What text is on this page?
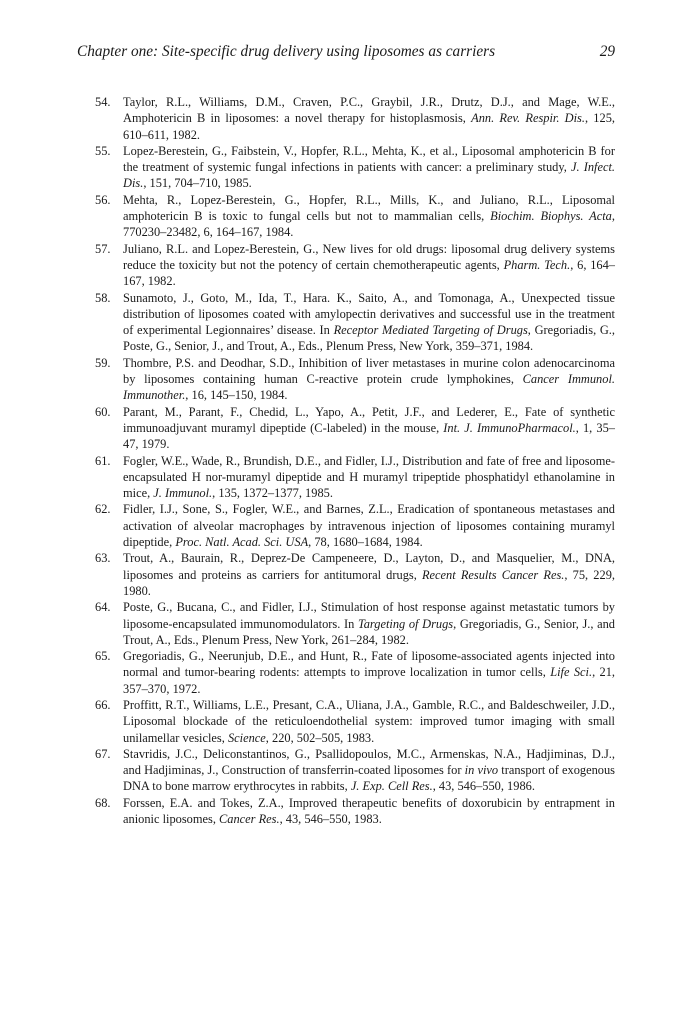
Chapter one: Site-specific drug delivery using liposomes as carriers	29
54. Taylor, R.L., Williams, D.M., Craven, P.C., Graybil, J.R., Drutz, D.J., and Mage, W.E., Amphotericin B in liposomes: a novel therapy for histoplasmosis, Ann. Rev. Respir. Dis., 125, 610–611, 1982.
55. Lopez-Berestein, G., Faibstein, V., Hopfer, R.L., Mehta, K., et al., Liposomal amphotericin B for the treatment of systemic fungal infections in patients with cancer: a preliminary study, J. Infect. Dis., 151, 704–710, 1985.
56. Mehta, R., Lopez-Berestein, G., Hopfer, R.L., Mills, K., and Juliano, R.L., Liposomal amphotericin B is toxic to fungal cells but not to mammalian cells, Biochim. Biophys. Acta, 770230–23482, 6, 164–167, 1984.
57. Juliano, R.L. and Lopez-Berestein, G., New lives for old drugs: liposomal drug delivery systems reduce the toxicity but not the potency of certain chemotherapeutic agents, Pharm. Tech., 6, 164–167, 1982.
58. Sunamoto, J., Goto, M., Ida, T., Hara. K., Saito, A., and Tomonaga, A., Unexpected tissue distribution of liposomes coated with amylopectin derivatives and successful use in the treatment of experimental Legionnaires’ disease. In Receptor Mediated Targeting of Drugs, Gregoriadis, G., Poste, G., Senior, J., and Trout, A., Eds., Plenum Press, New York, 359–371, 1984.
59. Thombre, P.S. and Deodhar, S.D., Inhibition of liver metastases in murine colon adenocarcinoma by liposomes containing human C-reactive protein crude lymphokines, Cancer Immunol. Immunother., 16, 145–150, 1984.
60. Parant, M., Parant, F., Chedid, L., Yapo, A., Petit, J.F., and Lederer, E., Fate of synthetic immunoadjuvant muramyl dipeptide (C-labeled) in the mouse, Int. J. ImmunoPharmacol., 1, 35–47, 1979.
61. Fogler, W.E., Wade, R., Brundish, D.E., and Fidler, I.J., Distribution and fate of free and liposome-encapsulated H nor-muramyl dipeptide and H muramyl tripeptide phosphatidyl ethanolamine in mice, J. Immunol., 135, 1372–1377, 1985.
62. Fidler, I.J., Sone, S., Fogler, W.E., and Barnes, Z.L., Eradication of spontaneous metastases and activation of alveolar macrophages by intravenous injection of liposomes containing muramyl dipeptide, Proc. Natl. Acad. Sci. USA, 78, 1680–1684, 1984.
63. Trout, A., Baurain, R., Deprez-De Campeneere, D., Layton, D., and Masquelier, M., DNA, liposomes and proteins as carriers for antitumoral drugs, Recent Results Cancer Res., 75, 229, 1980.
64. Poste, G., Bucana, C., and Fidler, I.J., Stimulation of host response against metastatic tumors by liposome-encapsulated immunomodulators. In Targeting of Drugs, Gregoriadis, G., Senior, J., and Trout, A., Eds., Plenum Press, New York, 261–284, 1982.
65. Gregoriadis, G., Neerunjub, D.E., and Hunt, R., Fate of liposome-associated agents injected into normal and tumor-bearing rodents: attempts to improve localization in tumor cells, Life Sci., 21, 357–370, 1972.
66. Proffitt, R.T., Williams, L.E., Presant, C.A., Uliana, J.A., Gamble, R.C., and Baldeschweiler, J.D., Liposomal blockade of the reticuloendothelial system: improved tumor imaging with small unilamellar vesicles, Science, 220, 502–505, 1983.
67. Stavridis, J.C., Deliconstantinos, G., Psallidopoulos, M.C., Armenskas, N.A., Hadjiminas, D.J., and Hadjiminas, J., Construction of transferrin-coated liposomes for in vivo transport of exogenous DNA to bone marrow erythrocytes in rabbits, J. Exp. Cell Res., 43, 546–550, 1986.
68. Forssen, E.A. and Tokes, Z.A., Improved therapeutic benefits of doxorubicin by entrapment in anionic liposomes, Cancer Res., 43, 546–550, 1983.
